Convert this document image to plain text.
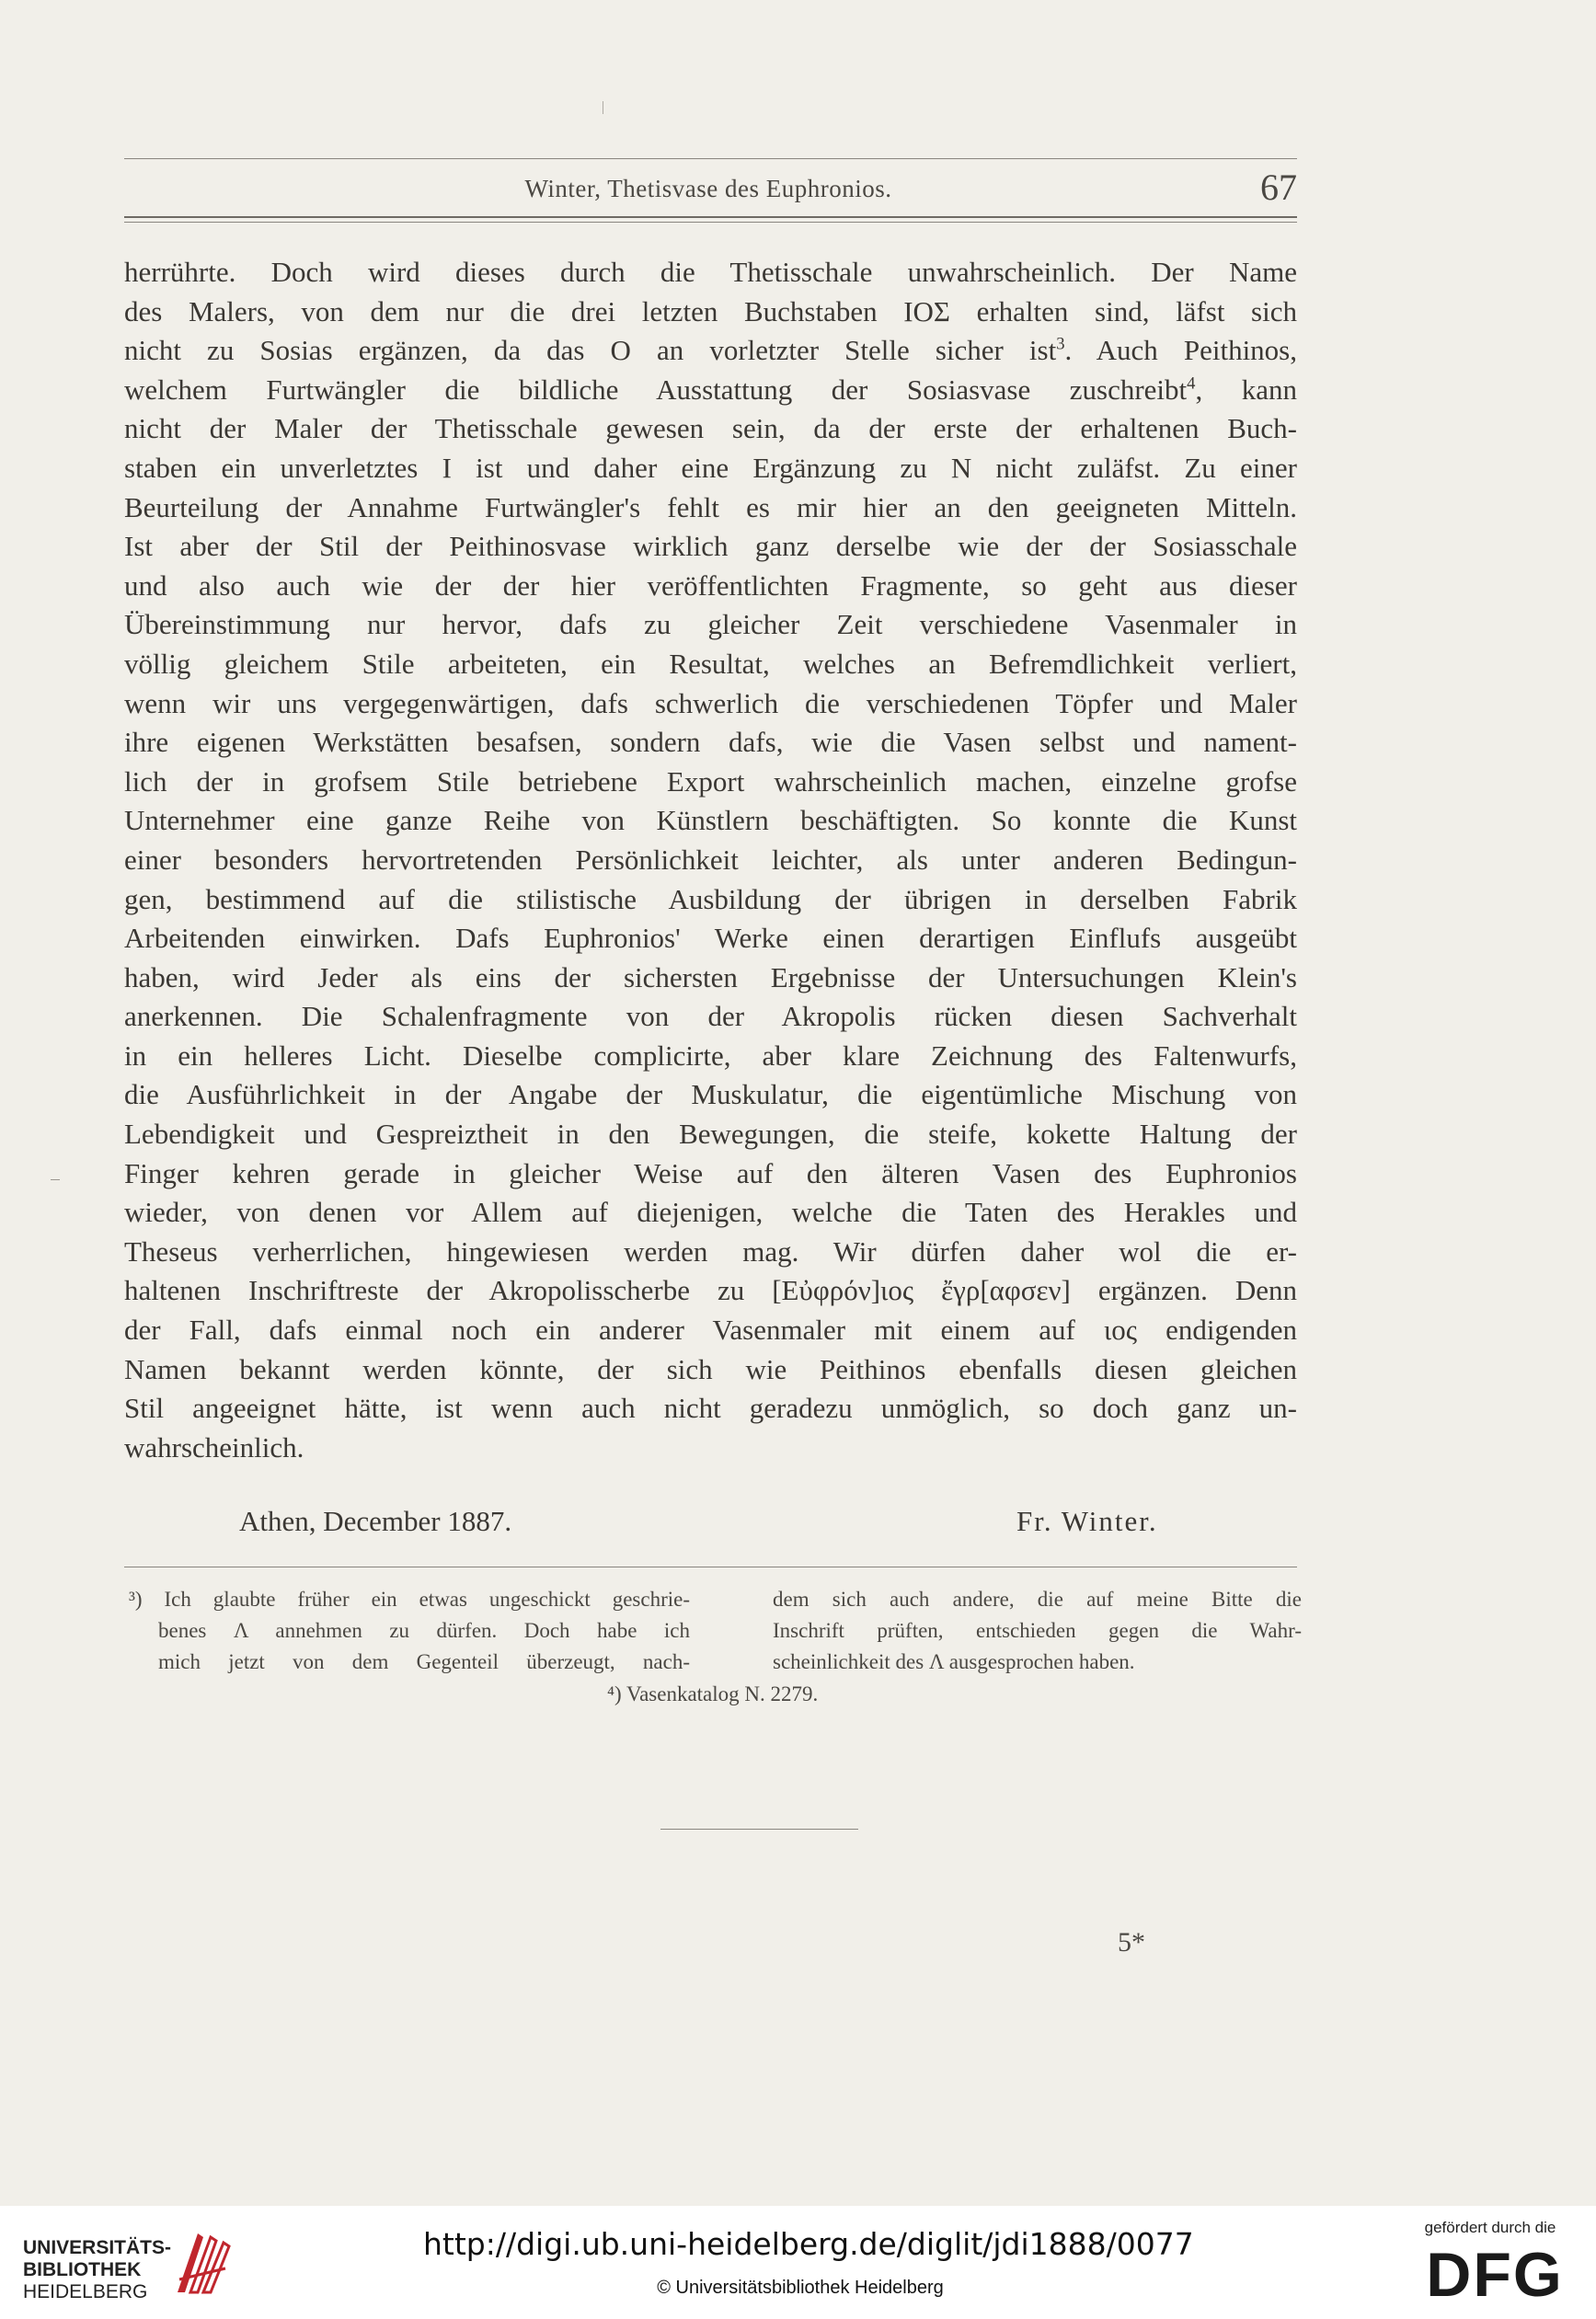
Winter, Thetisvase des Euphronios.	67
herrührte. Doch wird dieses durch die Thetisschale unwahrscheinlich. Der Name
des Malers, von dem nur die drei letzten Buchstaben ΙΟΣ erhalten sind, läfst sich
nicht zu Sosias ergänzen, da das Ο an vorletzter Stelle sicher ist$^3$. Auch Peithinos,
welchem Furtwängler die bildliche Ausstattung der Sosiasvase zuschreibt$^4$, kann
nicht der Maler der Thetisschale gewesen sein, da der erste der erhaltenen Buch-
staben ein unverletztes Ι ist und daher eine Ergänzung zu Ν nicht zuläfst. Zu einer
Beurteilung der Annahme Furtwängler's fehlt es mir hier an den geeigneten Mitteln.
Ist aber der Stil der Peithinosvase wirklich ganz derselbe wie der der Sosiasschale
und also auch wie der der hier veröffentlichten Fragmente, so geht aus dieser
Übereinstimmung nur hervor, dafs zu gleicher Zeit verschiedene Vasenmaler in
völlig gleichem Stile arbeiteten, ein Resultat, welches an Befremdlichkeit verliert,
wenn wir uns vergegenwärtigen, dafs schwerlich die verschiedenen Töpfer und Maler
ihre eigenen Werkstätten besafsen, sondern dafs, wie die Vasen selbst und nament-
lich der in grofsem Stile betriebene Export wahrscheinlich machen, einzelne grofse
Unternehmer eine ganze Reihe von Künstlern beschäftigten. So konnte die Kunst
einer besonders hervortretenden Persönlichkeit leichter, als unter anderen Bedingun-
gen, bestimmend auf die stilistische Ausbildung der übrigen in derselben Fabrik
Arbeitenden einwirken. Dafs Euphronios' Werke einen derartigen Einflufs ausgeübt
haben, wird Jeder als eins der sichersten Ergebnisse der Untersuchungen Klein's
anerkennen. Die Schalenfragmente von der Akropolis rücken diesen Sachverhalt
in ein helleres Licht. Dieselbe complicirte, aber klare Zeichnung des Faltenwurfs,
die Ausführlichkeit in der Angabe der Muskulatur, die eigentümliche Mischung von
Lebendigkeit und Gespreiztheit in den Bewegungen, die steife, kokette Haltung der
Finger kehren gerade in gleicher Weise auf den älteren Vasen des Euphronios
wieder, von denen vor Allem auf diejenigen, welche die Taten des Herakles und
Theseus verherrlichen, hingewiesen werden mag. Wir dürfen daher wol die er-
haltenen Inschriftreste der Akropolisscherbe zu [Εὐφρόν]ιος ἔγρ[αφσεν] ergänzen. Denn
der Fall, dafs einmal noch ein anderer Vasenmaler mit einem auf ιος endigenden
Namen bekannt werden könnte, der sich wie Peithinos ebenfalls diesen gleichen
Stil angeeignet hätte, ist wenn auch nicht geradezu unmöglich, so doch ganz un-
wahrscheinlich.
Athen, December 1887.	Fr. Winter.
³) Ich glaubte früher ein etwas ungeschickt geschrie-
benes Λ annehmen zu dürfen. Doch habe ich
mich jetzt von dem Gegenteil überzeugt, nach-
dem sich auch andere, die auf meine Bitte die
Inschrift prüften, entschieden gegen die Wahr-
scheinlichkeit des Λ ausgesprochen haben.
⁴) Vasenkatalog N. 2279.
5*
UNIVERSITÄTS-
BIBLIOTHEK
HEIDELBERG
http://digi.ub.uni-heidelberg.de/diglit/jdi1888/0077
© Universitätsbibliothek Heidelberg
gefördert durch die
DFG
